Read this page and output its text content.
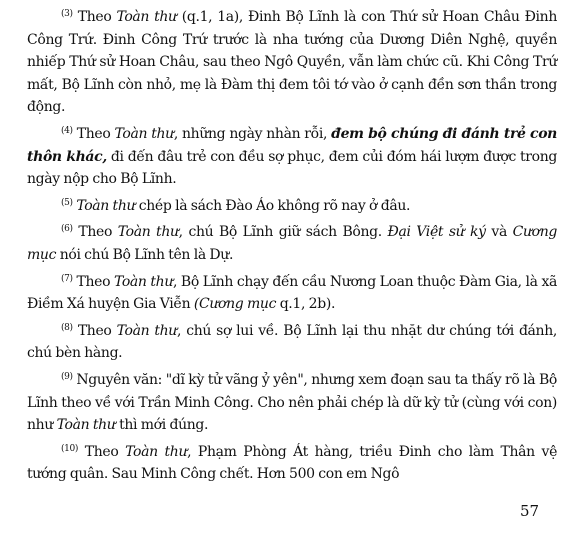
$^{(3)}$ Theo Toàn thư (q.1, 1a), Đinh Bộ Lĩnh là con Thứ sử Hoan Châu Đinh Công Trứ. Đinh Công Trứ trước là nha tướng của Dương Diên Nghệ, quyền nhiếp Thứ sử Hoan Châu, sau theo Ngô Quyền, vẫn làm chức cũ. Khi Công Trứ mất, Bộ Lĩnh còn nhỏ, mẹ là Đàm thị đem tôi tớ vào ở cạnh đền sơn thần trong động.

$^{(4)}$ Theo Toàn thư, những ngày nhàn rỗi, đem bộ chúng đi đánh trẻ con thôn khác, đi đến đâu trẻ con đều sợ phục, đem củi đóm hái lượm được trong ngày nộp cho Bộ Lĩnh.

$^{(5)}$ Toàn thư chép là sách Đào Áo không rõ nay ở đâu.

$^{(6)}$ Theo Toàn thư, chú Bộ Lĩnh giữ sách Bông. Đại Việt sử ký và Cương mục nói chú Bộ Lĩnh tên là Dự.

$^{(7)}$ Theo Toàn thư, Bộ Lĩnh chạy đến cầu Nương Loan thuộc Đàm Gia, là xã Điềm Xá huyện Gia Viễn (Cương mục q.1, 2b).

$^{(8)}$ Theo Toàn thư, chú sợ lui về. Bộ Lĩnh lại thu nhặt dư chúng tới đánh, chú bèn hàng.

$^{(9)}$ Nguyên văn: "dĩ kỳ tử vãng ỷ yên", nhưng xem đoạn sau ta thấy rõ là Bộ Lĩnh theo về với Trần Minh Công. Cho nên phải chép là dữ kỳ tử (cùng với con) như Toàn thư thì mới đúng.

$^{(10)}$ Theo Toàn thư, Phạm Phòng Át hàng, triều Đinh cho làm Thân vệ tướng quân. Sau Minh Công chết. Hơn 500 con em Ngô

57
